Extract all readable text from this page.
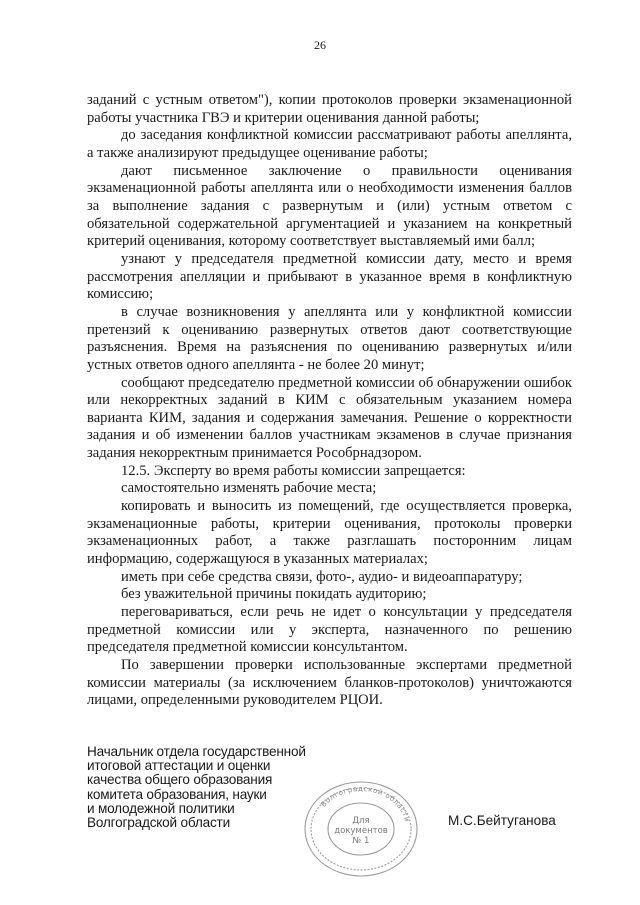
26

заданий с устным ответом"), копии протоколов проверки экзаменационной работы участника ГВЭ и критерии оценивания данной работы;

до заседания конфликтной комиссии рассматривают работы апеллянта, а также анализируют предыдущее оценивание работы;

дают письменное заключение о правильности оценивания экзаменационной работы апеллянта или о необходимости изменения баллов за выполнение задания с развернутым и (или) устным ответом с обязательной содержательной аргументацией и указанием на конкретный критерий оценивания, которому соответствует выставляемый ими балл;

узнают у председателя предметной комиссии дату, место и время рассмотрения апелляции и прибывают в указанное время в конфликтную комиссию;

в случае возникновения у апеллянта или у конфликтной комиссии претензий к оцениванию развернутых ответов дают соответствующие разъяснения. Время на разъяснения по оцениванию развернутых и/или устных ответов одного апеллянта - не более 20 минут;

сообщают председателю предметной комиссии об обнаружении ошибок или некорректных заданий в КИМ с обязательным указанием номера варианта КИМ, задания и содержания замечания. Решение о корректности задания и об изменении баллов участникам экзаменов в случае признания задания некорректным принимается Рособрнадзором.

12.5. Эксперту во время работы комиссии запрещается:

самостоятельно изменять рабочие места;

копировать и выносить из помещений, где осуществляется проверка, экзаменационные работы, критерии оценивания, протоколы проверки экзаменационных работ, а также разглашать посторонним лицам информацию, содержащуюся в указанных материалах;

иметь при себе средства связи, фото-, аудио- и видеоаппаратуру;

без уважительной причины покидать аудиторию;

переговариваться, если речь не идет о консультации у председателя предметной комиссии или у эксперта, назначенного по решению председателя предметной комиссии консультантом.

По завершении проверки использованные экспертами предметной комиссии материалы (за исключением бланков-протоколов) уничтожаются лицами, определенными руководителем РЦОИ.

Начальник отдела государственной
итоговой аттестации и оценки
качества общего образования
комитета образования, науки
и молодежной политики
Волгоградской области
Волгоградской области
Для
документов
№ 1
М.С.Бейтуганова
